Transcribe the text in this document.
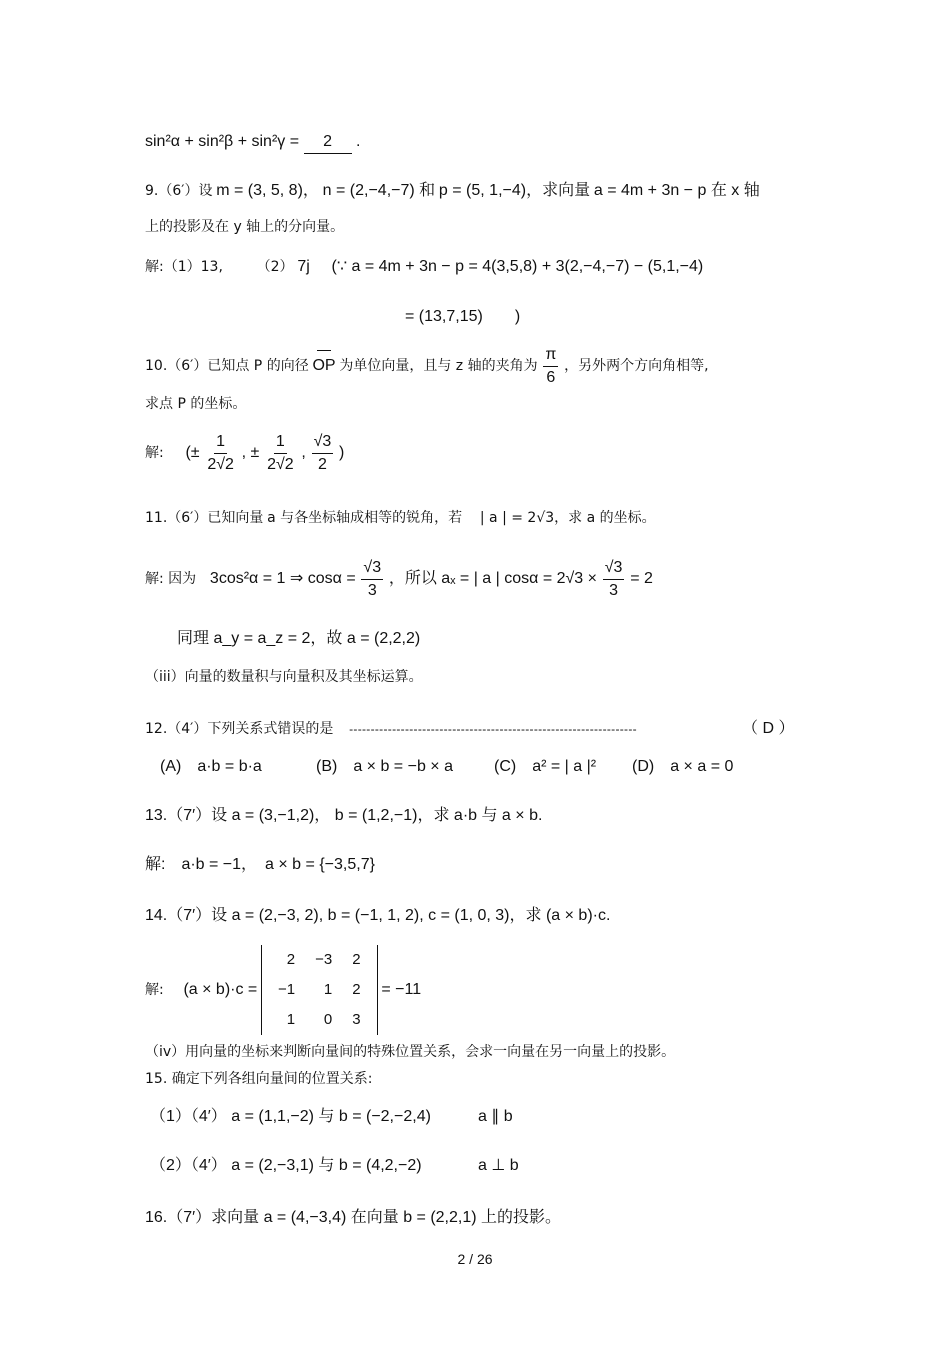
sin²α + sin²β + sin²γ = 2 .
9.（6′）设 m = (3, 5, 8)， n = (2,−4,−7) 和 p = (5, 1,−4)，求向量 a = 4m + 3n − p 在 x 轴
上的投影及在 y 轴上的分向量。
解:（1）13, （2） 7j (∵ a = 4m + 3n − p = 4(3,5,8) + 3(2,−4,−7) − (5,1,−4)
= (13,7,15)　　)
10.（6′）已知点 P 的向径 OP 为单位向量，且与 z 轴的夹角为 $\frac{\pi}{6}$ ，另外两个方向角相等,
求点 P 的坐标。
解: (± $\frac{1}{2√2}$ , ± $\frac{1}{2√2}$ , $\frac{√3}{2}$ )
11.（6′）已知向量 a 与各坐标轴成相等的锐角，若 | a | = 2√3，求 a 的坐标。
解: 因为 3cos²α = 1 ⇒ $\cos\alpha = \frac{√3}{3}$ ，所以 aₓ = | a | $\cos\alpha = 2√3 \times \frac{√3}{3} = 2$
同理 a_y = a_z = 2，故 a = (2,2,2)
（iii）向量的数量积与向量积及其坐标运算。
12.（4′）下列关系式错误的是 -------------------------------------------------------------------	（ D ）
(A)　a·b = b·a	(B)　a × b = −b × a	(C)　a² = | a |² (D)　a × a = 0
13.（7′）设 a = (3,−1,2)， b = (1,2,−1)，求 a·b 与 a × b.
解:　a·b = −1，　a × b = {−3,5,7}
14.（7′）设 a = (2,−3, 2), b = (−1, 1, 2), c = (1, 0, 3)，求 (a × b)·c.
解: (a × b)·c =
2	−3	2
−1	1	2
1	0	3
= −11
（iv）用向量的坐标来判断向量间的特殊位置关系，会求一向量在另一向量上的投影。
15. 确定下列各组向量间的位置关系:
（1）（4′） a = (1,1,−2) 与 b = (−2,−2,4)	a ∥ b
（2）（4′） a = (2,−3,1) 与 b = (4,2,−2)	a ⊥ b
16.（7′）求向量 a = (4,−3,4) 在向量 b = (2,2,1) 上的投影。
2 / 26
